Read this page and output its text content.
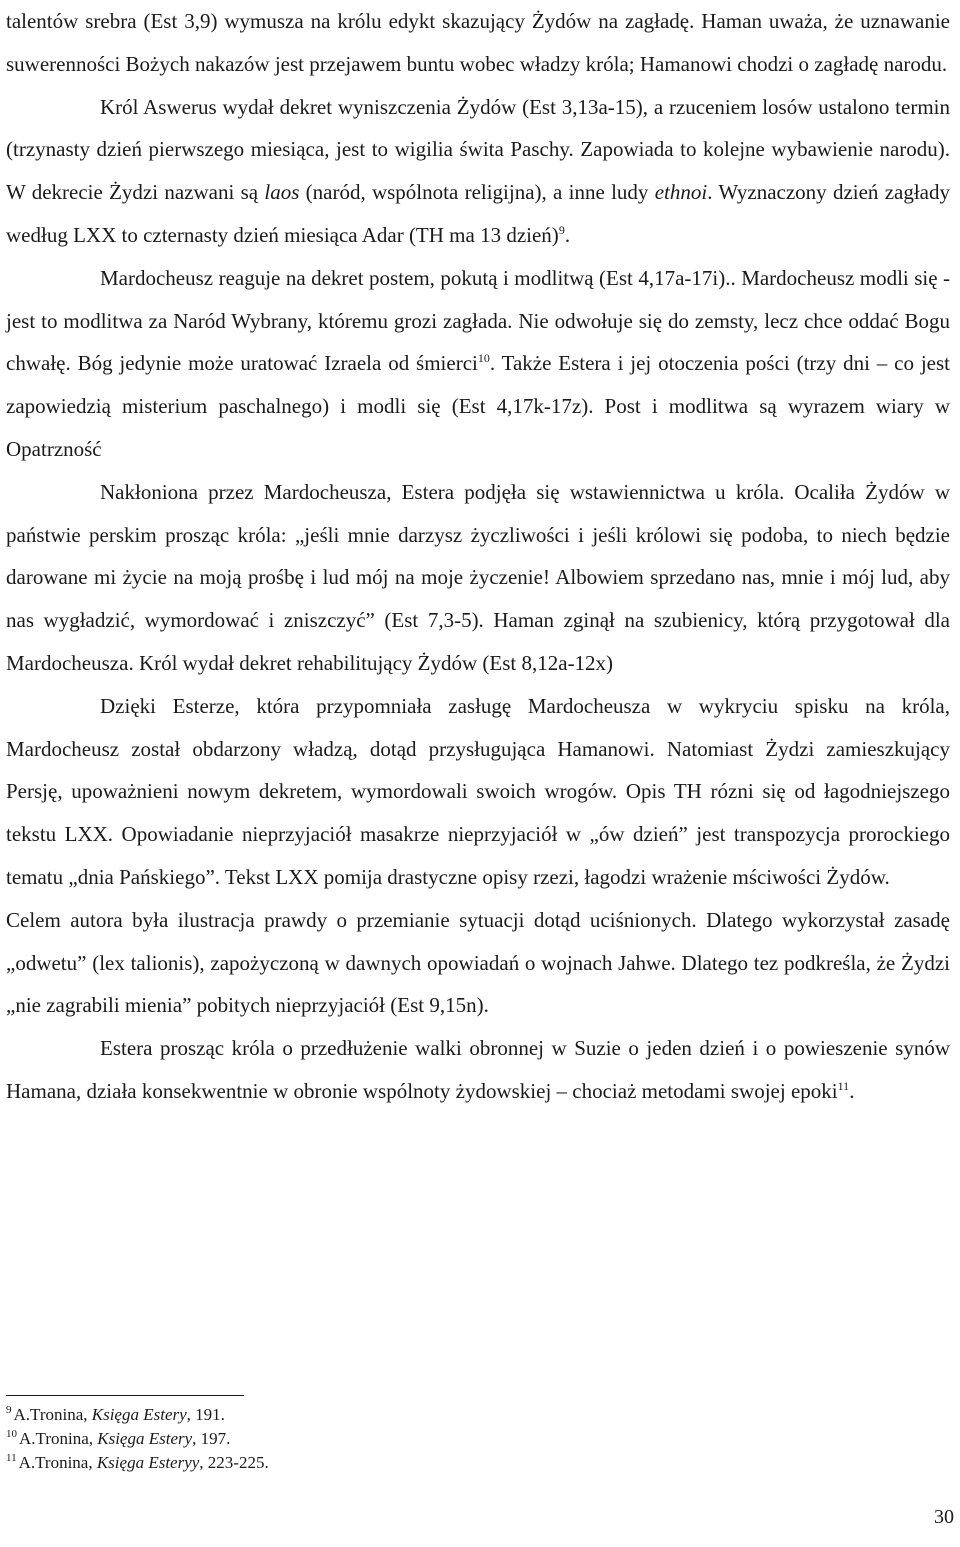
talentów srebra (Est 3,9) wymusza na królu edykt skazujący Żydów na zagładę. Haman uważa, że uznawanie suwerenności Bożych nakazów jest przejawem buntu wobec władzy króla; Hamanowi chodzi o zagładę narodu.

Król Aswerus wydał dekret wyniszczenia Żydów (Est 3,13a-15), a rzuceniem losów ustalono termin (trzynasty dzień pierwszego miesiąca, jest to wigilia świta Paschy. Zapowiada to kolejne wybawienie narodu). W dekrecie Żydzi nazwani są laos (naród, wspólnota religijna), a inne ludy ethnoi. Wyznaczony dzień zagłady według LXX to czternasty dzień miesiąca Adar (TH ma 13 dzień)$^9$.

Mardocheusz reaguje na dekret postem, pokutą i modlitwą (Est 4,17a-17i).. Mardocheusz modli się - jest to modlitwa za Naród Wybrany, któremu grozi zagłada. Nie odwołuje się do zemsty, lecz chce oddać Bogu chwałę. Bóg jedynie może uratować Izraela od śmierci$^{10}$. Także Estera i jej otoczenia pości (trzy dni – co jest zapowiedzią misterium paschalnego) i modli się (Est 4,17k-17z). Post i modlitwa są wyrazem wiary w Opatrzność

Nakłoniona przez Mardocheusza, Estera podjęła się wstawiennictwa u króla. Ocaliła Żydów w państwie perskim prosząc króla: „jeśli mnie darzysz życzliwości i jeśli królowi się podoba, to niech będzie darowane mi życie na moją prośbę i lud mój na moje życzenie! Albowiem sprzedano nas, mnie i mój lud, aby nas wygładzić, wymordować i zniszczyć” (Est 7,3-5). Haman zginął na szubienicy, którą przygotował dla Mardocheusza. Król wydał dekret rehabilitujący Żydów (Est 8,12a-12x)

Dzięki Esterze, która przypomniała zasługę Mardocheusza w wykryciu spisku na króla, Mardocheusz został obdarzony władzą, dotąd przysługująca Hamanowi. Natomiast Żydzi zamieszkujący Persję, upoważnieni nowym dekretem, wymordowali swoich wrogów. Opis TH rózni się od łagodniejszego tekstu LXX. Opowiadanie nieprzyjaciół masakrze nieprzyjaciół w „ów dzień” jest transpozycja prorockiego tematu „dnia Pańskiego”. Tekst LXX pomija drastyczne opisy rzezi, łagodzi wrażenie mściwości Żydów.

Celem autora była ilustracja prawdy o przemianie sytuacji dotąd uciśnionych. Dlatego wykorzystał zasadę „odwetu” (lex talionis), zapożyczoną w dawnych opowiadań o wojnach Jahwe. Dlatego tez podkreśla, że Żydzi „nie zagrabili mienia” pobitych nieprzyjaciół (Est 9,15n).

Estera prosząc króla o przedłużenie walki obronnej w Suzie o jeden dzień i o powieszenie synów Hamana, działa konsekwentnie w obronie wspólnoty żydowskiej – chociaż metodami swojej epoki$^{11}$.

$^9$ A.Tronina, Księga Estery, 191.

$^{10}$ A.Tronina, Księga Estery, 197.

$^{11}$ A.Tronina, Księga Esteryy, 223-225.

30
